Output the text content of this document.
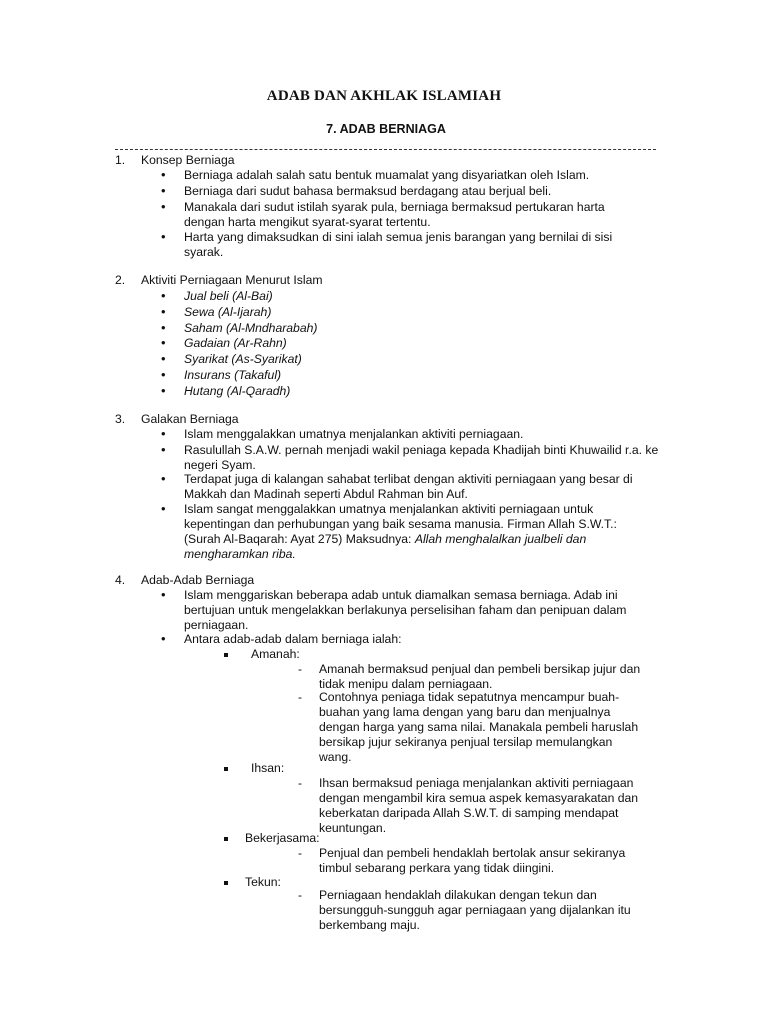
ADAB DAN AKHLAK ISLAMIAH
7. ADAB BERNIAGA
1. Konsep Berniaga
• Berniaga adalah salah satu bentuk muamalat yang disyariatkan oleh Islam.
• Berniaga dari sudut bahasa bermaksud berdagang atau berjual beli.
• Manakala dari sudut istilah syarak pula, berniaga bermaksud pertukaran harta dengan harta mengikut syarat-syarat tertentu.
• Harta yang dimaksudkan di sini ialah semua jenis barangan yang bernilai di sisi syarak.
2. Aktiviti Perniagaan Menurut Islam
• Jual beli (Al-Bai)
• Sewa (Al-Ijarah)
• Saham (Al-Mndharabah)
• Gadaian (Ar-Rahn)
• Syarikat (As-Syarikat)
• Insurans (Takaful)
• Hutang (Al-Qaradh)
3. Galakan Berniaga
• Islam menggalakkan umatnya menjalankan aktiviti perniagaan.
• Rasulullah S.A.W. pernah menjadi wakil peniaga kepada Khadijah binti Khuwailid r.a. ke negeri Syam.
• Terdapat juga di kalangan sahabat terlibat dengan aktiviti perniagaan yang besar di Makkah dan Madinah seperti Abdul Rahman bin Auf.
• Islam sangat menggalakkan umatnya menjalankan aktiviti perniagaan untuk kepentingan dan perhubungan yang baik sesama manusia. Firman Allah S.W.T.: (Surah Al-Baqarah: Ayat 275) Maksudnya: Allah menghalalkan jualbeli dan mengharamkan riba.
4. Adab-Adab Berniaga
• Islam menggariskan beberapa adab untuk diamalkan semasa berniaga. Adab ini bertujuan untuk mengelakkan berlakunya perselisihan faham dan penipuan dalam perniagaan.
• Antara adab-adab dalam berniaga ialah:
Amanah:
- Amanah bermaksud penjual dan pembeli bersikap jujur dan tidak menipu dalam perniagaan.
- Contohnya peniaga tidak sepatutnya mencampur buah-buahan yang lama dengan yang baru dan menjualnya dengan harga yang sama nilai. Manakala pembeli haruslah bersikap jujur sekiranya penjual tersilap memulangkan wang.
Ihsan:
- Ihsan bermaksud peniaga menjalankan aktiviti perniagaan dengan mengambil kira semua aspek kemasyarakatan dan keberkatan daripada Allah S.W.T. di samping mendapat keuntungan.
Bekerjasama:
- Penjual dan pembeli hendaklah bertolak ansur sekiranya timbul sebarang perkara yang tidak diingini.
Tekun:
- Perniagaan hendaklah dilakukan dengan tekun dan bersungguh-sungguh agar perniagaan yang dijalankan itu berkembang maju.
